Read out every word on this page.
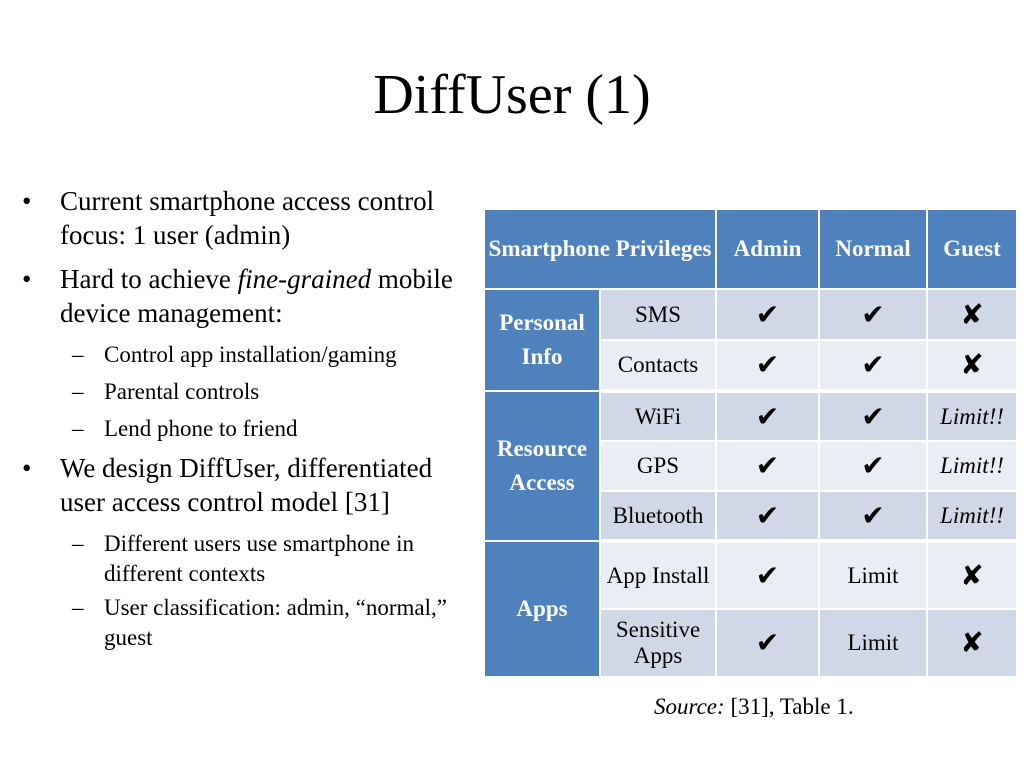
DiffUser (1)
•	Current smartphone access control focus: 1 user (admin)
•	Hard to achieve fine-grained mobile device management:
– Control app installation/gaming
– Parental controls
– Lend phone to friend
•	We design DiffUser, differentiated user access control model [31]
– Different users use smartphone in different contexts
– User classification: admin, “normal,” guest
Smartphone Privileges		Admin	Normal	Guest
Personal Info	SMS	✔	✔	✘
	Contacts	✔	✔	✘
Resource Access	WiFi	✔	✔	Limit!!
	GPS	✔	✔	Limit!!
	Bluetooth	✔	✔	Limit!!
Apps	App Install	✔	Limit	✘
	Sensitive Apps	✔	Limit	✘
Source: [31], Table 1.
